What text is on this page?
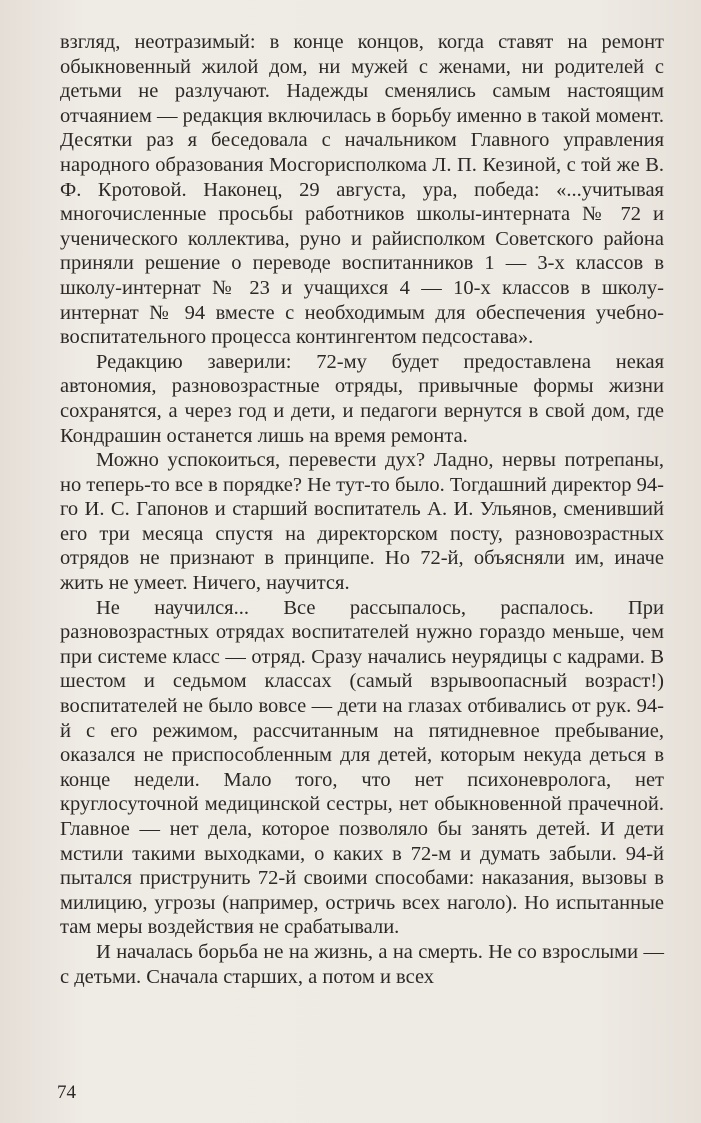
взгляд, неотразимый: в конце концов, когда ставят на ремонт обыкновенный жилой дом, ни мужей с женами, ни родителей с детьми не разлучают. Надежды сменялись самым настоящим отчаянием — редакция включилась в борьбу именно в такой момент. Десятки раз я беседовала с начальником Главного управления народного образования Мосгорисполкома Л. П. Кезиной, с той же В. Ф. Кротовой. Наконец, 29 августа, ура, победа: «...учитывая многочисленные просьбы работников школы-интерната № 72 и ученического коллектива, руно и райисполком Советского района приняли решение о переводе воспитанников 1 — 3-х классов в школу-интернат № 23 и учащихся 4 — 10-х классов в школу-интернат № 94 вместе с необходимым для обеспечения учебно-воспитательного процесса контингентом педсостава».

Редакцию заверили: 72-му будет предоставлена некая автономия, разновозрастные отряды, привычные формы жизни сохранятся, а через год и дети, и педагоги вернутся в свой дом, где Кондрашин останется лишь на время ремонта.

Можно успокоиться, перевести дух? Ладно, нервы потрепаны, но теперь-то все в порядке? Не тут-то было. Тогдашний директор 94-го И. С. Гапонов и старший воспитатель А. И. Ульянов, сменивший его три месяца спустя на директорском посту, разновозрастных отрядов не признают в принципе. Но 72-й, объясняли им, иначе жить не умеет. Ничего, научится.

Не научился... Все рассыпалось, распалось. При разновозрастных отрядах воспитателей нужно гораздо меньше, чем при системе класс — отряд. Сразу начались неурядицы с кадрами. В шестом и седьмом классах (самый взрывоопасный возраст!) воспитателей не было вовсе — дети на глазах отбивались от рук. 94-й с его режимом, рассчитанным на пятидневное пребывание, оказался не приспособленным для детей, которым некуда деться в конце недели. Мало того, что нет психоневролога, нет круглосуточной медицинской сестры, нет обыкновенной прачечной. Главное — нет дела, которое позволяло бы занять детей. И дети мстили такими выходками, о каких в 72-м и думать забыли. 94-й пытался приструнить 72-й своими способами: наказания, вызовы в милицию, угрозы (например, остричь всех наголо). Но испытанные там меры воздействия не срабатывали.

И началась борьба не на жизнь, а на смерть. Не со взрослыми — с детьми. Сначала старших, а потом и всех

74
